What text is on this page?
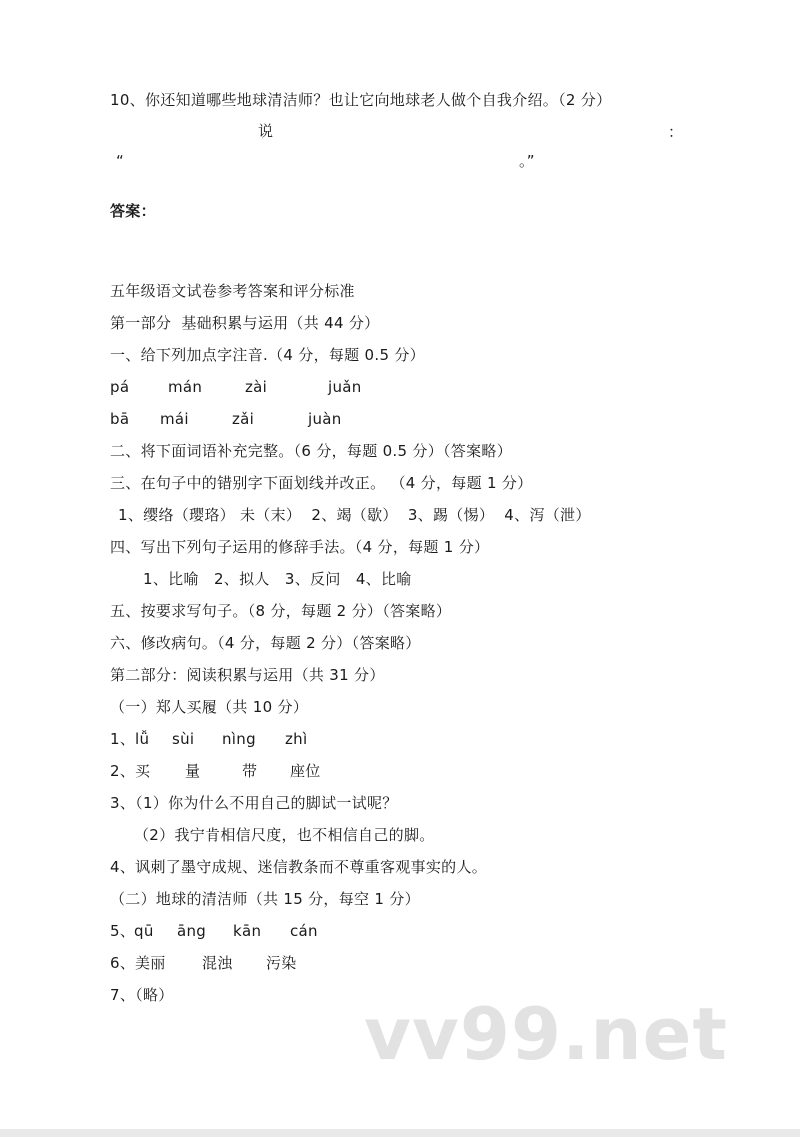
10、你还知道哪些地球清洁师？也让它向地球老人做个自我介绍。（2 分）
说	：
“	。”
答案：
五年级语文试卷参考答案和评分标准
第一部分  基础积累与运用（共 44 分）
一、给下列加点字注音.（4 分，每题 0.5 分）
pá	mán	zài	juǎn
bā mái	zǎi	juàn
二、将下面词语补充完整。（6 分，每题 0.5 分）（答案略）
三、在句子中的错别字下面划线并改正。 （4 分，每题 1 分）
1、缨络（璎珞） 未（末）  2、竭（歇）  3、踢（惕）  4、泻（泄）
四、写出下列句子运用的修辞手法。（4 分，每题 1 分）
1、比喻   2、拟人   3、反问   4、比喻
五、按要求写句子。（8 分，每题 2 分）（答案略）
六、修改病句。（4 分，每题 2 分）（答案略）
第二部分：阅读积累与运用（共 31 分）
（一）郑人买履（共 10 分）
1、 lǚ sùi nìng zhì
2、 买 量	带 座位
3、（1）你为什么不用自己的脚试一试呢？
（2）我宁肯相信尺度，也不相信自己的脚。
4、讽刺了墨守成规、迷信教条而不尊重客观事实的人。
（二）地球的清洁师（共 15 分，每空 1 分）
5、
qū āng kān cán
6、 美丽 混浊 污染
7、（略）	vv99.net
